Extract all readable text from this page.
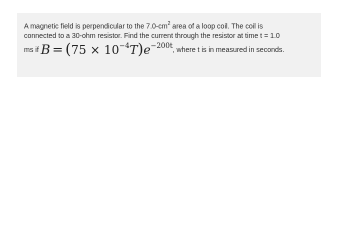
A magnetic field is perpendicular to the $7.0-cm^2$ area of a loop coil. The coil is
connected to a 30-ohm resistor. Find the current through the resistor at time t = 1.0
ms if B = (75 × 10−4T)e−200t, where t is in measured in seconds.
